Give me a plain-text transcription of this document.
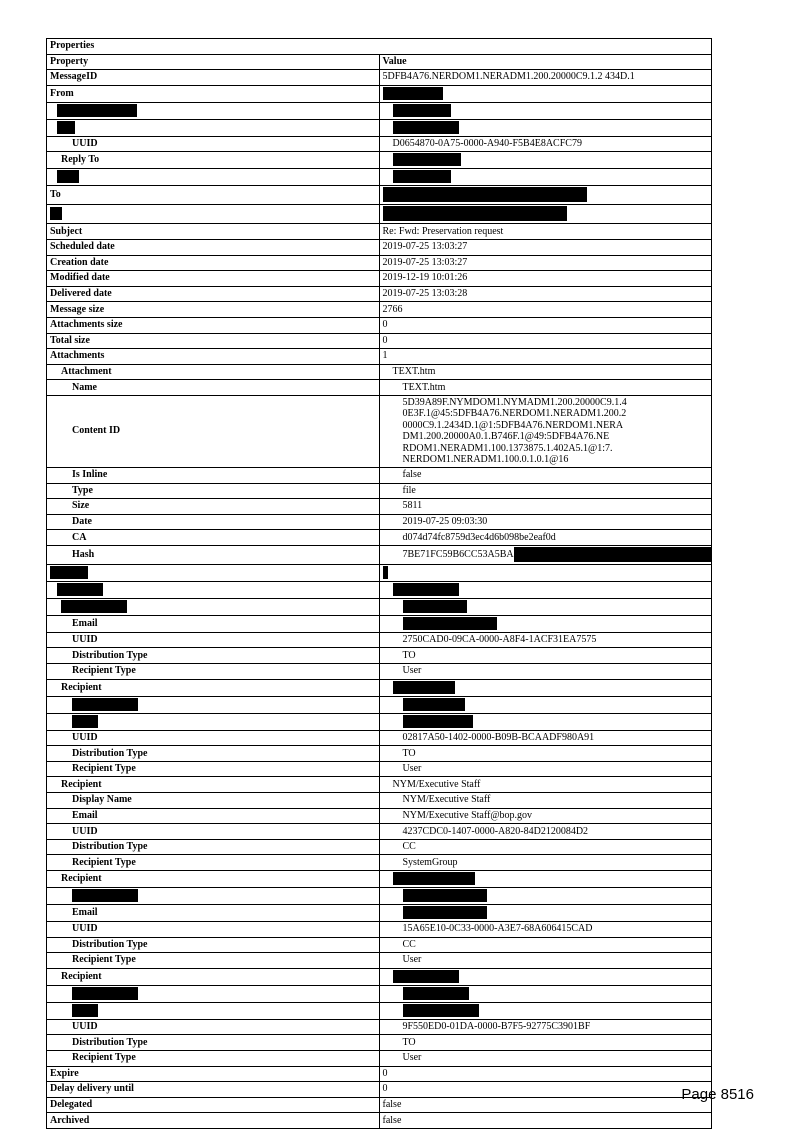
Properties	
Property	Value
MessageID	5DFB4A76.NERDOM1.NERADM1.200.20000C9.1.2 434D.1
From	

UUID	D0654870-0A75-0000-A940-F5B4E8ACFC79
Reply To	

To	

Subject	Re: Fwd: Preservation request
Scheduled date	2019-07-25 13:03:27
Creation date	2019-07-25 13:03:27
Modified date	2019-12-19 10:01:26
Delivered date	2019-07-25 13:03:28
Message size	2766
Attachments size	0
Total size	0
Attachments	1
Attachment	TEXT.htm
Name	TEXT.htm
Content ID	5D39A89F.NYMDOM1.NYMADM1.200.20000C9.1.4 0E3F.1@45:5DFB4A76.NERDOM1.NERADM1.200.2 0000C9.1.2434D.1@1:5DFB4A76.NERDOM1.NERA DM1.200.20000A0.1.B746F.1@49:5DFB4A76.NE RDOM1.NERADM1.100.1373875.1.402A5.1@1:7. NERDOM1.NERADM1.100.0.1.0.1@16
Is Inline	false
Type	file
Size	5811
Date	2019-07-25 09:03:30
CA	d074d74fc8759d3ec4d6b098be2eaf0d
Hash	7BE71FC59B6CC53A5BA

Email	
UUID	2750CAD0-09CA-0000-A8F4-1ACF31EA7575
Distribution Type	TO
Recipient Type	User
Recipient	

UUID	02817A50-1402-0000-B09B-BCAADF980A91
Distribution Type	TO
Recipient Type	User
Recipient	NYM/Executive Staff
Display Name	NYM/Executive Staff
Email	NYM/Executive Staff@bop.gov
UUID	4237CDC0-1407-0000-A820-84D2120084D2
Distribution Type	CC
Recipient Type	SystemGroup
Recipient	

Email	
UUID	15A65E10-0C33-0000-A3E7-68A606415CAD
Distribution Type	CC
Recipient Type	User
Recipient	

UUID	9F550ED0-01DA-0000-B7F5-92775C3901BF
Distribution Type	TO
Recipient Type	User
Expire	0
Delay delivery until	0
Delegated	false
Archived	false
Page 8516
